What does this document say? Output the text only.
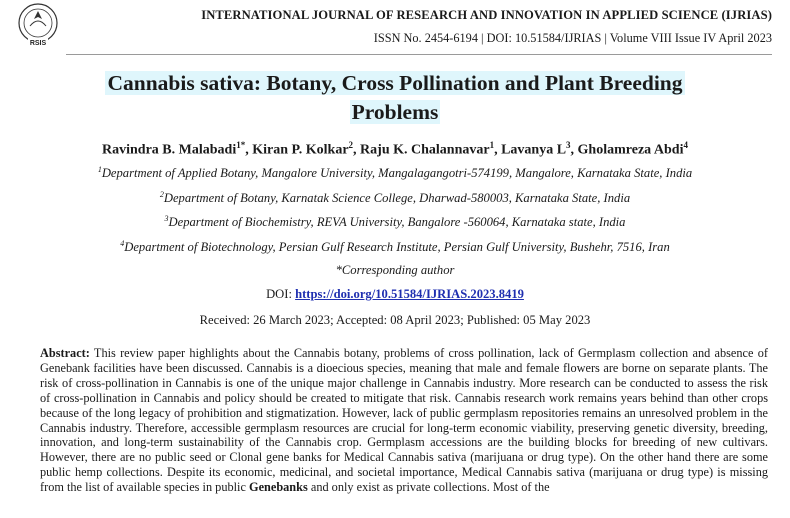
RSIS
INTERNATIONAL JOURNAL OF RESEARCH AND INNOVATION IN APPLIED SCIENCE (IJRIAS)
ISSN No. 2454-6194 | DOI: 10.51584/IJRIAS | Volume VIII Issue IV April 2023
Cannabis sativa: Botany, Cross Pollination and Plant Breeding
Problems
Ravindra B. Malabadi$^{1*}$, Kiran P. Kolkar$^2$, Raju K. Chalannavar$^1$, Lavanya $L^3$, Gholamreza Abdi$^4$
$^1$Department of Applied Botany, Mangalore University, Mangalagangotri-574199, Mangalore, Karnataka State, India
$^2$Department of Botany, Karnatak Science College, Dharwad-580003, Karnataka State, India
$^3$Department of Biochemistry, REVA University, Bangalore -560064, Karnataka state, India
$^4$Department of Biotechnology, Persian Gulf Research Institute, Persian Gulf University, Bushehr, 7516, Iran
*Corresponding author
DOI: https://doi.org/10.51584/IJRIAS.2023.8419
Received: 26 March 2023; Accepted: 08 April 2023; Published: 05 May 2023
Abstract: This review paper highlights about the Cannabis botany, problems of cross pollination, lack of Germplasm collection and absence of Genebank facilities have been discussed. Cannabis is a dioecious species, meaning that male and female flowers are borne on separate plants. The risk of cross-pollination in Cannabis is one of the unique major challenge in Cannabis industry. More research can be conducted to assess the risk of cross-pollination in Cannabis and policy should be created to mitigate that risk. Cannabis research work remains years behind than other crops because of the long legacy of prohibition and stigmatization. However, lack of public germplasm repositories remains an unresolved problem in the Cannabis industry. Therefore, accessible germplasm resources are crucial for long-term economic viability, preserving genetic diversity, breeding, innovation, and long-term sustainability of the Cannabis crop. Germplasm accessions are the building blocks for breeding of new cultivars. However, there are no public seed or Clonal gene banks for Medical Cannabis sativa (marijuana or drug type). On the other hand there are some public hemp collections. Despite its economic, medicinal, and societal importance, Medical Cannabis sativa (marijuana or drug type) is missing from the list of available species in public Genebanks and only exist as private collections. Most of the
